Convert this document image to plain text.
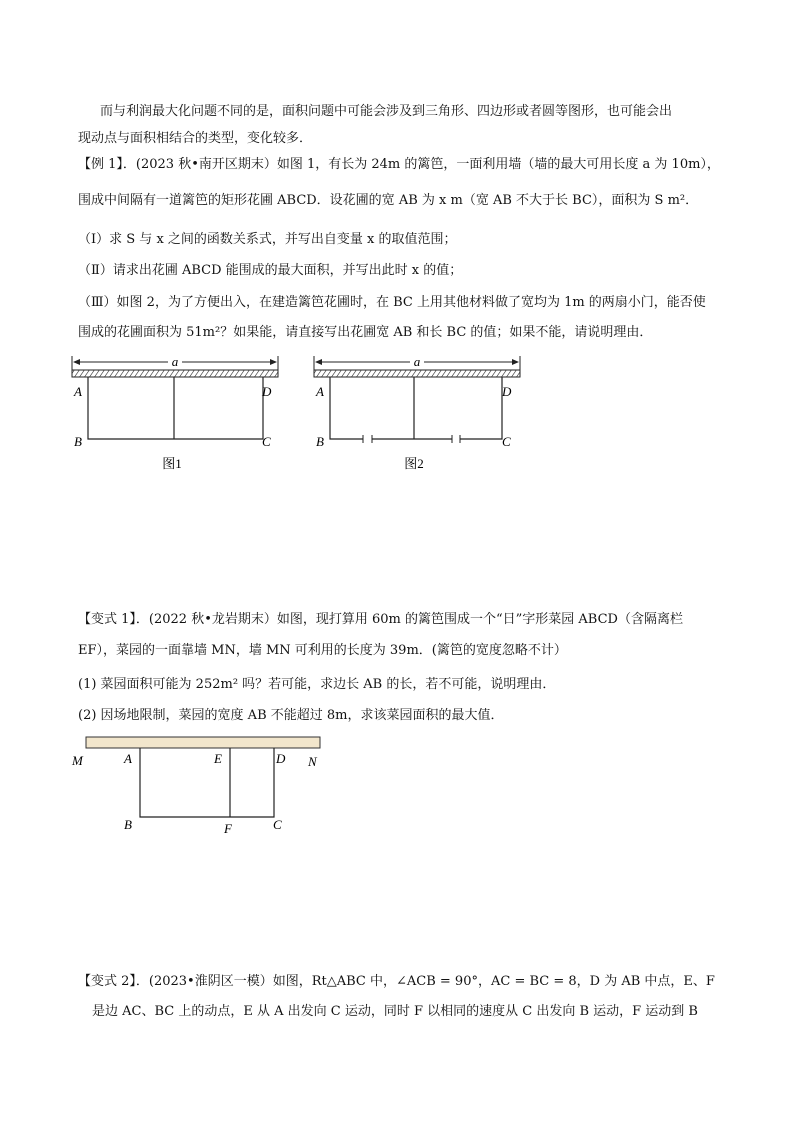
而与利润最大化问题不同的是，面积问题中可能会涉及到三角形、四边形或者圆等图形，也可能会出
现动点与面积相结合的类型，变化较多．
【例 1】．(2023 秋•南开区期末）如图 1，有长为 24m 的篱笆，一面利用墙（墙的最大可用长度 a 为 10m），
围成中间隔有一道篱笆的矩形花圃 ABCD．设花圃的宽 AB 为 x m（宽 AB 不大于长 BC），面积为 S m²．
（Ⅰ）求 S 与 x 之间的函数关系式，并写出自变量 x 的取值范围；
（Ⅱ）请求出花圃 ABCD 能围成的最大面积，并写出此时 x 的值；
（Ⅲ）如图 2，为了方便出入，在建造篱笆花圃时，在 BC 上用其他材料做了宽均为 1m 的两扇小门，能否使
围成的花圃面积为 51m²？如果能，请直接写出花圃宽 AB 和长 BC 的值；如果不能，请说明理由．
a
A	D
B	C
图1
a
A	D
B	C
图2
【变式 1】．(2022 秋•龙岩期末）如图，现打算用 60m 的篱笆围成一个“日”字形菜园 ABCD（含隔离栏
EF），菜园的一面靠墙 MN，墙 MN 可利用的长度为 39m．(篱笆的宽度忽略不计）
(1) 菜园面积可能为 252m² 吗？若可能，求边长 AB 的长，若不可能，说明理由．
(2) 因场地限制，菜园的宽度 AB 不能超过 8m，求该菜园面积的最大值．
M	A	E	D N
B	F	C
【变式 2】．(2023•淮阴区一模）如图，Rt△ABC 中，∠ACB = 90°，AC = BC = 8，D 为 AB 中点，E、F
是边 AC、BC 上的动点，E 从 A 出发向 C 运动，同时 F 以相同的速度从 C 出发向 B 运动，F 运动到 B
